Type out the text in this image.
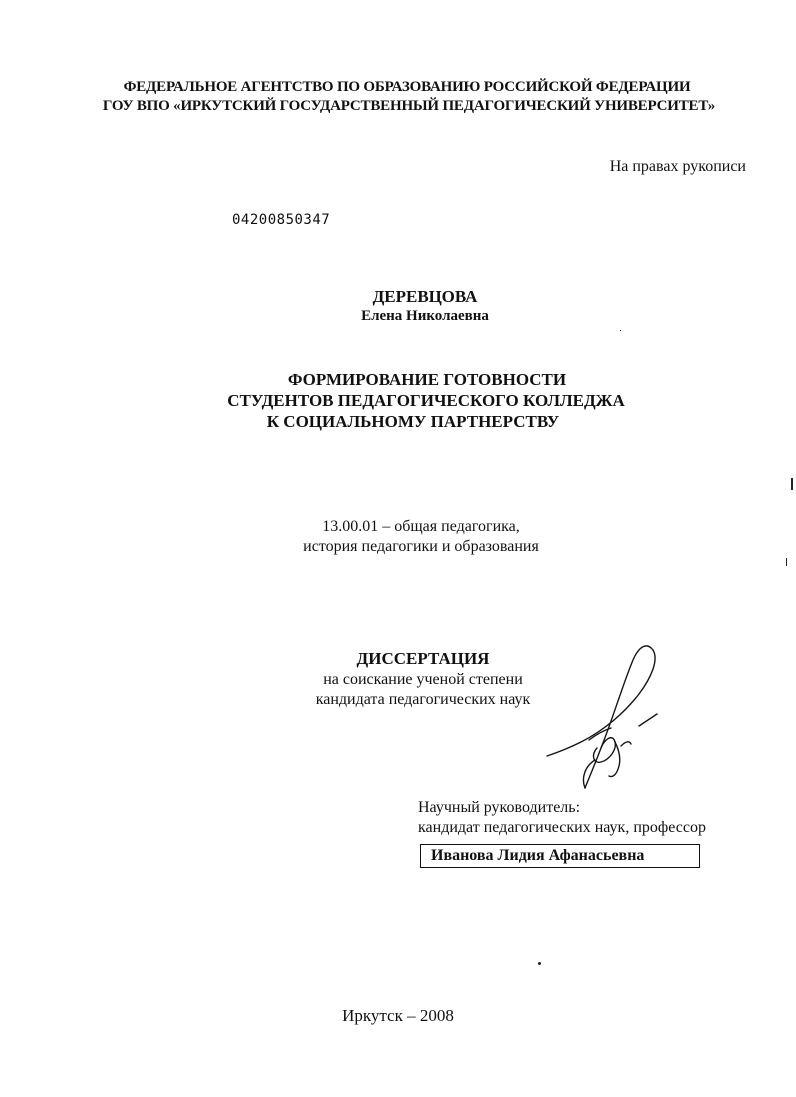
ФЕДЕРАЛЬНОЕ АГЕНТСТВО ПО ОБРАЗОВАНИЮ РОССИЙСКОЙ ФЕДЕРАЦИИ
ГОУ ВПО «ИРКУТСКИЙ ГОСУДАРСТВЕННЫЙ ПЕДАГОГИЧЕСКИЙ УНИВЕРСИТЕТ»
На правах рукописи
04200850347
ДЕРЕВЦОВА
Елена Николаевна
ФОРМИРОВАНИЕ ГОТОВНОСТИ
СТУДЕНТОВ ПЕДАГОГИЧЕСКОГО КОЛЛЕДЖА
К СОЦИАЛЬНОМУ ПАРТНЕРСТВУ
13.00.01 – общая педагогика,
история педагогики и образования
ДИССЕРТАЦИЯ
на соискание ученой степени
кандидата педагогических наук
Научный руководитель:
кандидат педагогических наук, профессор
Иванова Лидия Афанасьевна
Иркутск – 2008
